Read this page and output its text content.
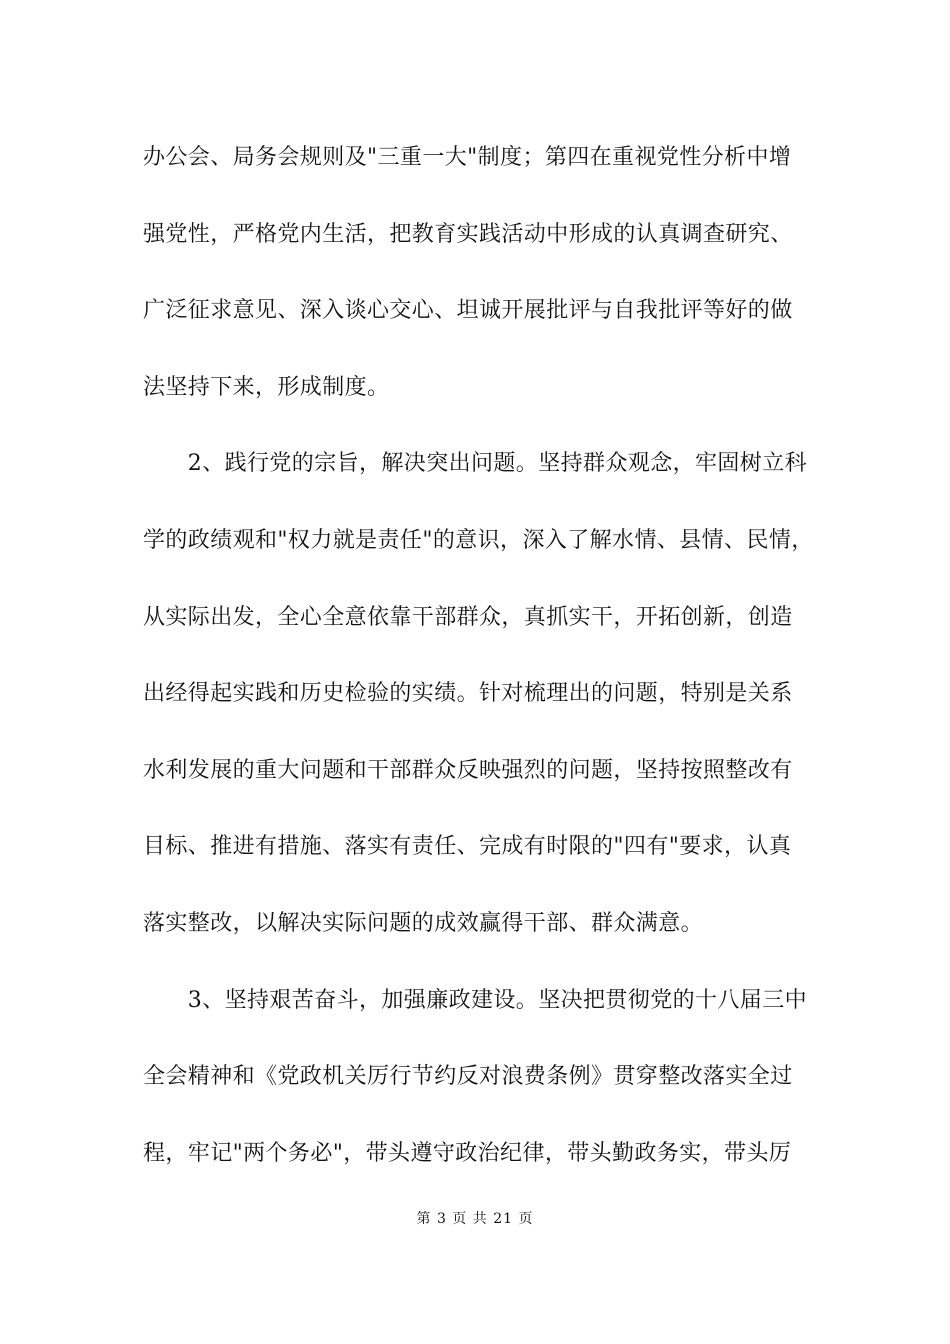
办公会、局务会规则及"三重一大"制度；第四在重视党性分析中增
强党性，严格党内生活，把教育实践活动中形成的认真调查研究、
广泛征求意见、深入谈心交心、坦诚开展批评与自我批评等好的做
法坚持下来，形成制度。
　　2、践行党的宗旨，解决突出问题。坚持群众观念，牢固树立科
学的政绩观和"权力就是责任"的意识，深入了解水情、县情、民情，
从实际出发，全心全意依靠干部群众，真抓实干，开拓创新，创造
出经得起实践和历史检验的实绩。针对梳理出的问题，特别是关系
水利发展的重大问题和干部群众反映强烈的问题，坚持按照整改有
目标、推进有措施、落实有责任、完成有时限的"四有"要求，认真
落实整改，以解决实际问题的成效赢得干部、群众满意。
　　3、坚持艰苦奋斗，加强廉政建设。坚决把贯彻党的十八届三中
全会精神和《党政机关厉行节约反对浪费条例》贯穿整改落实全过
程，牢记"两个务必"，带头遵守政治纪律，带头勤政务实，带头厉
第 3 页 共 21 页
